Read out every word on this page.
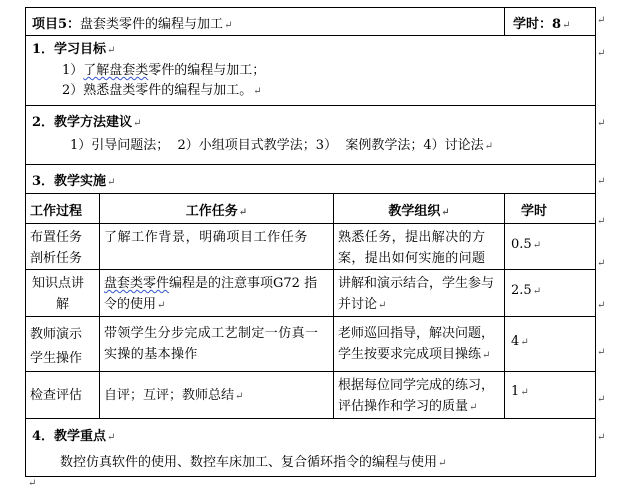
项目5：盘套类零件的编程与加工↵			学时：8↵

1．学习目标↵
1）了解盘套类零件的编程与加工；
2）熟悉盘类零件的编程与加工。↵			

2．教学方法建议↵
1）引导问题法；  2）小组项目式教学法；3）  案例教学法；4）讨论法↵			

3．教学实施↵			

工作过程	工作任务↵	教学组织↵	学时

布置任务
剖析任务	了解工作背景，明确项目工作任务	熟悉任务，提出解决的方案，提出如何实施的问题	0.5↵

知识点讲
解	盘套类零件编程是的注意事项G72 指令的使用↵	讲解和演示结合，学生参与并讨论↵	2.5↵

教师演示
学生操作	带领学生分步完成工艺制定一仿真一实操的基本操作	老师巡回指导，解决问题，学生按要求完成项目操练↵	4↵

检查评估	自评；互评；教师总结↵	根据每位同学完成的练习，评估操作和学习的质量↵	1↵

4．教学重点↵
数控仿真软件的使用、数控车床加工、复合循环指令的编程与使用↵			
↵
↵
↵
↵
↵
↵
↵
↵
↵
↵
↵
